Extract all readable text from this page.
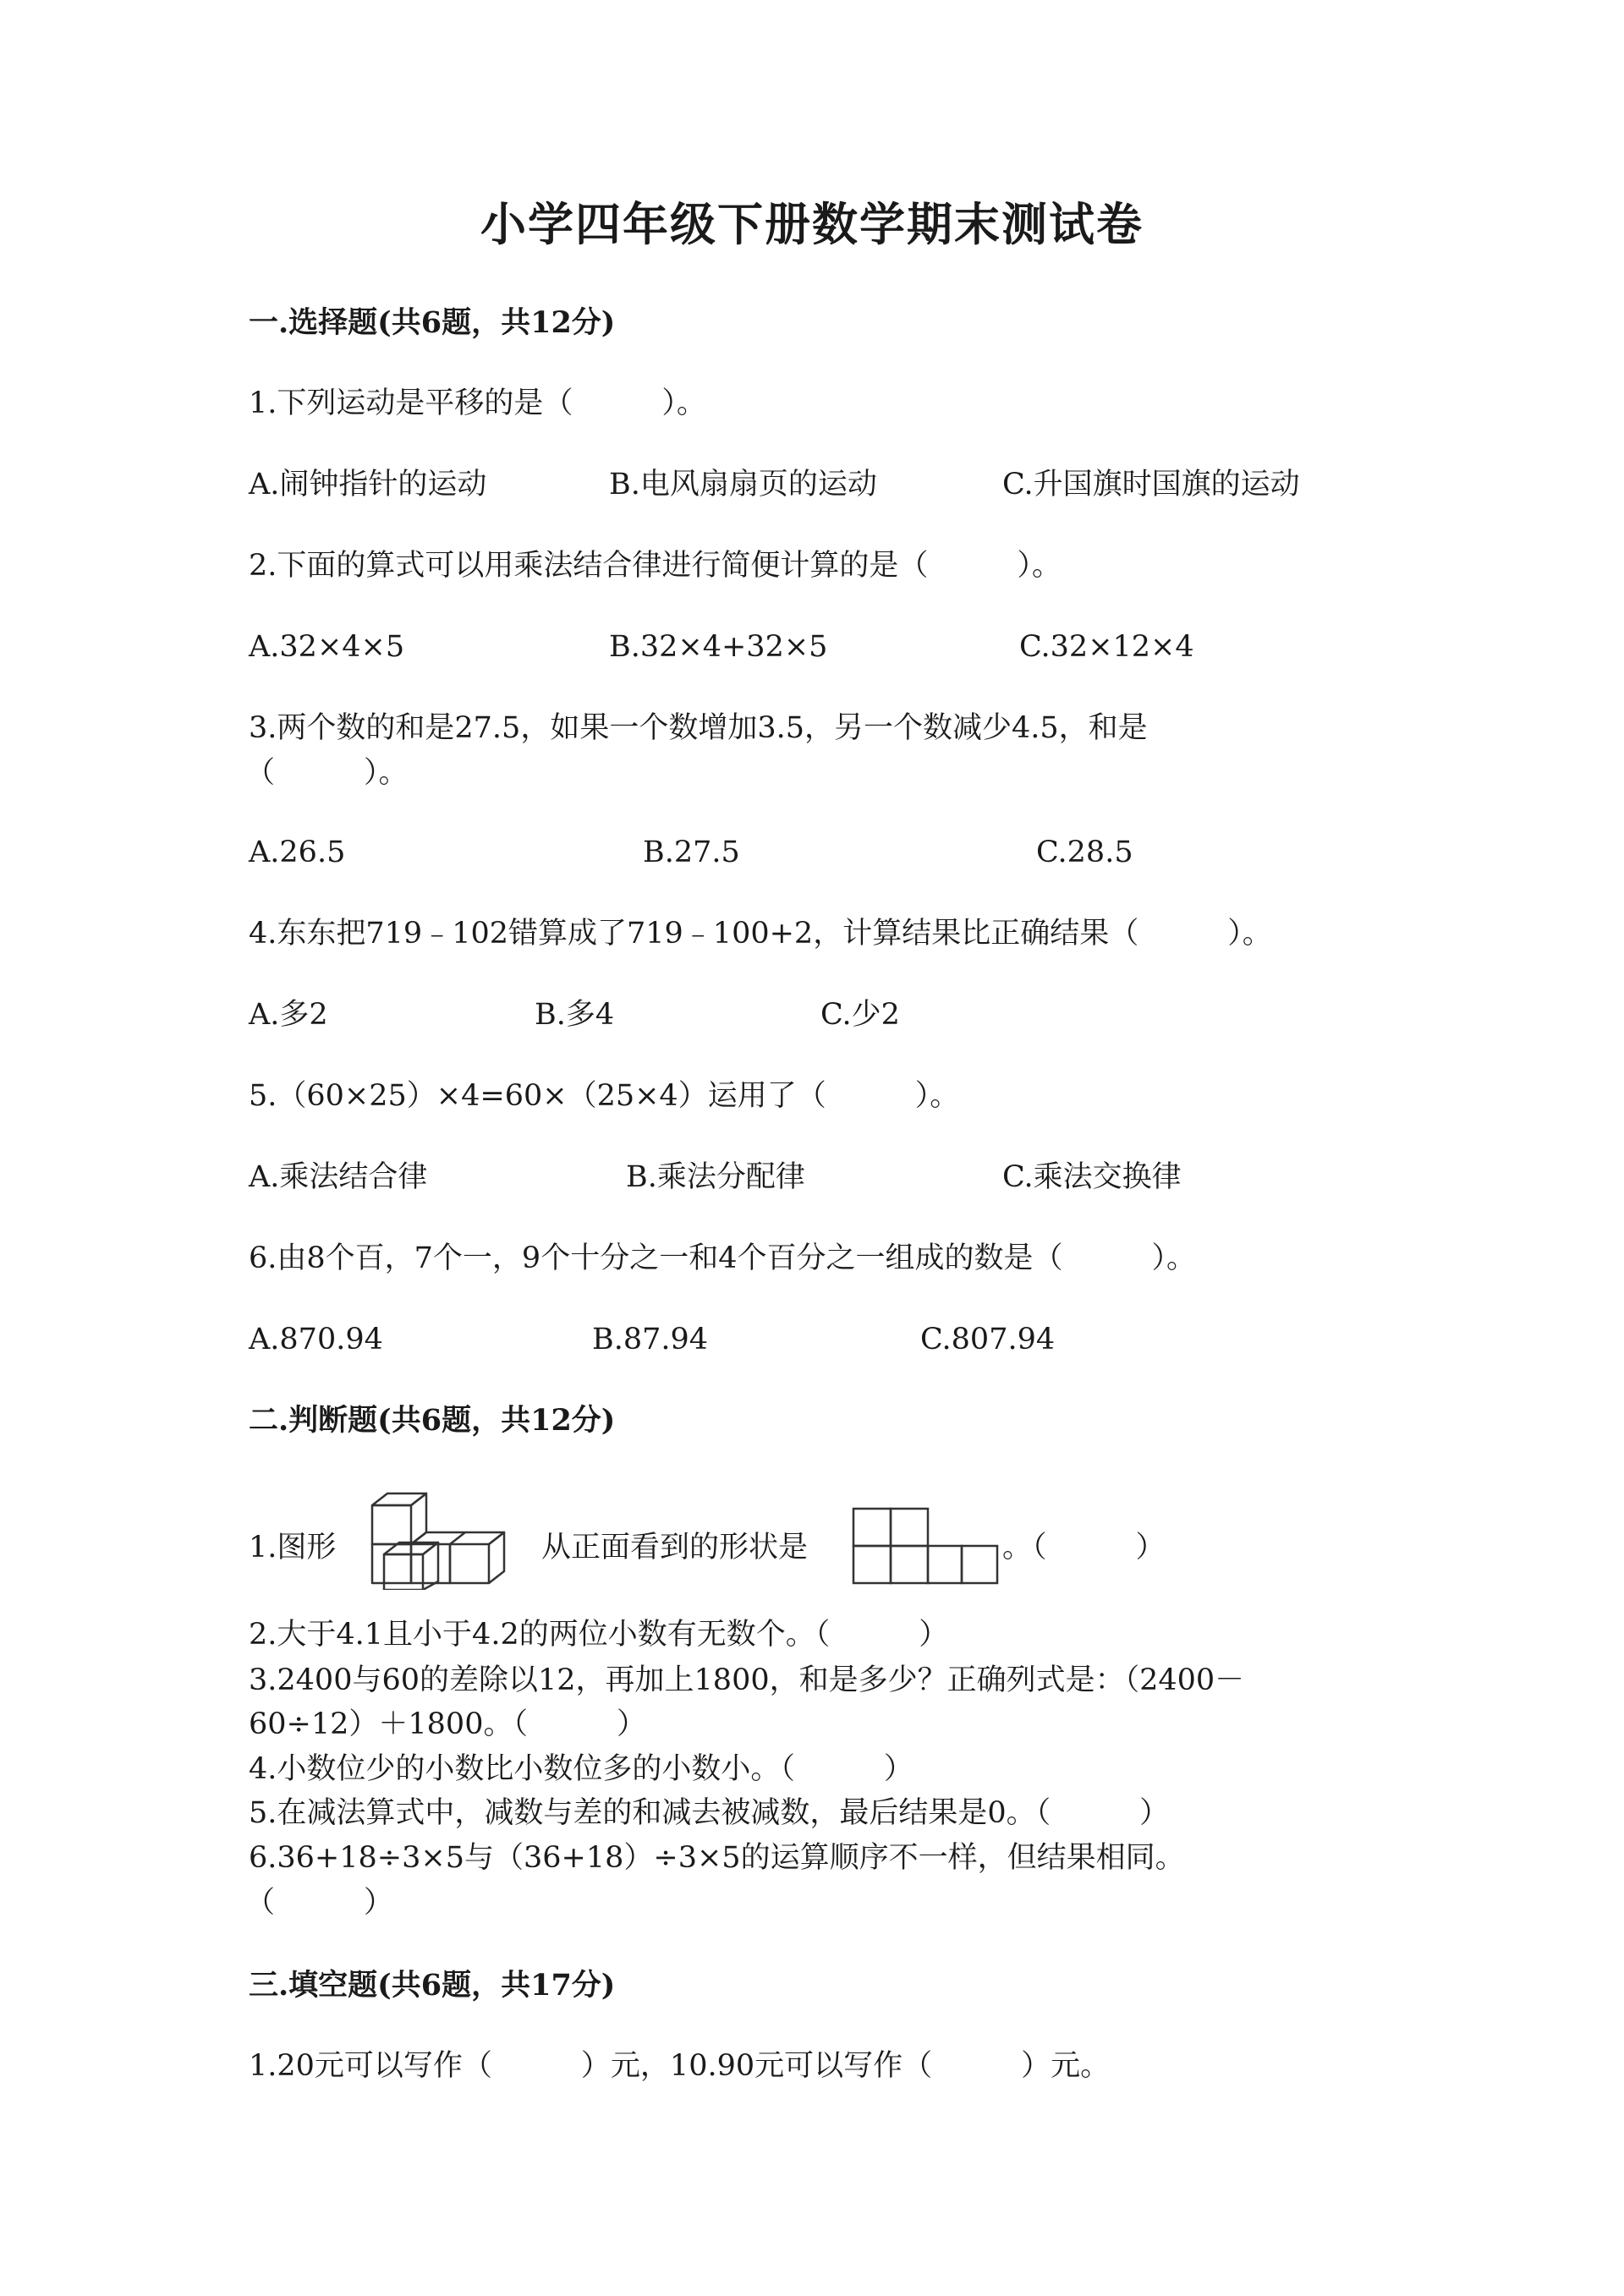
小学四年级下册数学期末测试卷
一.选择题(共6题，共12分)
1.下列运动是平移的是（　　　）。
A.闹钟指针的运动	B.电风扇扇页的运动	C.升国旗时国旗的运动
2.下面的算式可以用乘法结合律进行简便计算的是（　　　）。
A.32×4×5	B.32×4+32×5	C.32×12×4
3.两个数的和是27.5，如果一个数增加3.5，另一个数减少4.5，和是
（　　　）。
A.26.5	B.27.5	C.28.5
4.东东把719﹣102错算成了719﹣100+2，计算结果比正确结果（　　　）。
A.多2	B.多4	C.少2
5.（60×25）×4=60×（25×4）运用了（　　　）。
A.乘法结合律	B.乘法分配律	C.乘法交换律
6.由8个百，7个一，9个十分之一和4个百分之一组成的数是（　　　）。
A.870.94	B.87.94	C.807.94
二.判断题(共6题，共12分)
1.图形	从正面看到的形状是	。（　　　）
2.大于4.1且小于4.2的两位小数有无数个。（　　　）
3.2400与60的差除以12，再加上1800，和是多少？正确列式是：（2400－
60÷12）＋1800。（　　　）
4.小数位少的小数比小数位多的小数小。（　　　）
5.在减法算式中，减数与差的和减去被减数，最后结果是0。（　　　）
6.36+18÷3×5与（36+18）÷3×5的运算顺序不一样，但结果相同。
（　　　）
三.填空题(共6题，共17分)
1.20元可以写作（　　　）元，10.90元可以写作（　　　）元。
